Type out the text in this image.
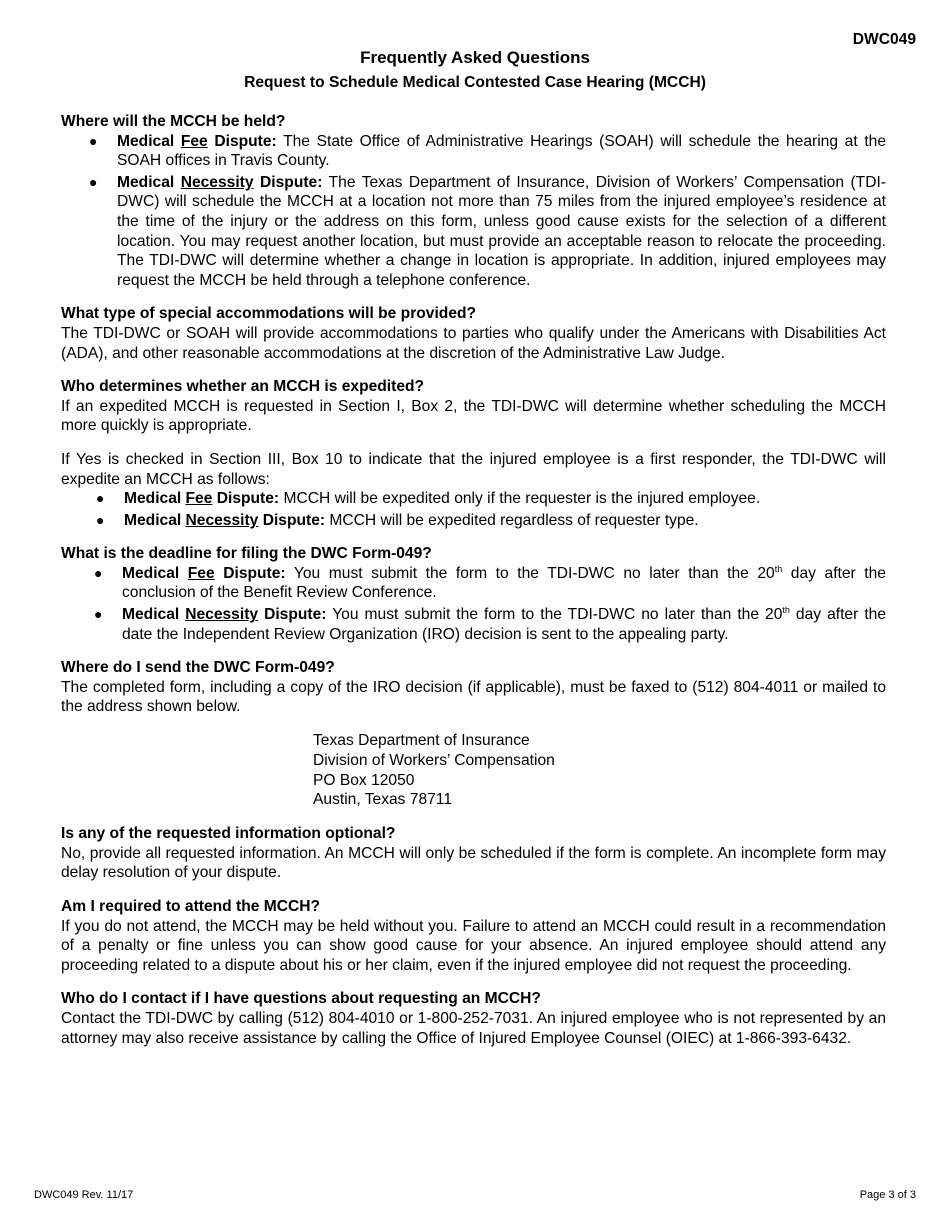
DWC049
Frequently Asked Questions
Request to Schedule Medical Contested Case Hearing (MCCH)
Where will the MCCH be held?
● Medical Fee Dispute: The State Office of Administrative Hearings (SOAH) will schedule the hearing at the SOAH offices in Travis County.
● Medical Necessity Dispute: The Texas Department of Insurance, Division of Workers’ Compensation (TDI-DWC) will schedule the MCCH at a location not more than 75 miles from the injured employee’s residence at the time of the injury or the address on this form, unless good cause exists for the selection of a different location. You may request another location, but must provide an acceptable reason to relocate the proceeding. The TDI-DWC will determine whether a change in location is appropriate. In addition, injured employees may request the MCCH be held through a telephone conference.
What type of special accommodations will be provided?

The TDI-DWC or SOAH will provide accommodations to parties who qualify under the Americans with Disabilities Act (ADA), and other reasonable accommodations at the discretion of the Administrative Law Judge.

Who determines whether an MCCH is expedited?

If an expedited MCCH is requested in Section I, Box 2, the TDI-DWC will determine whether scheduling the MCCH more quickly is appropriate.

If Yes is checked in Section III, Box 10 to indicate that the injured employee is a first responder, the TDI-DWC will expedite an MCCH as follows:

● Medical Fee Dispute: MCCH will be expedited only if the requester is the injured employee.
● Medical Necessity Dispute: MCCH will be expedited regardless of requester type.
What is the deadline for filing the DWC Form-049?
● Medical Fee Dispute: You must submit the form to the TDI-DWC no later than the 20th day after the conclusion of the Benefit Review Conference.
● Medical Necessity Dispute: You must submit the form to the TDI-DWC no later than the 20th day after the date the Independent Review Organization (IRO) decision is sent to the appealing party.
Where do I send the DWC Form-049?

The completed form, including a copy of the IRO decision (if applicable), must be faxed to (512) 804-4011 or mailed to the address shown below.

Texas Department of Insurance
Division of Workers’ Compensation
PO Box 12050
Austin, Texas 78711
Is any of the requested information optional?

No, provide all requested information. An MCCH will only be scheduled if the form is complete. An incomplete form may delay resolution of your dispute.

Am I required to attend the MCCH?

If you do not attend, the MCCH may be held without you. Failure to attend an MCCH could result in a recommendation of a penalty or fine unless you can show good cause for your absence. An injured employee should attend any proceeding related to a dispute about his or her claim, even if the injured employee did not request the proceeding.

Who do I contact if I have questions about requesting an MCCH?

Contact the TDI-DWC by calling (512) 804-4010 or 1-800-252-7031. An injured employee who is not represented by an attorney may also receive assistance by calling the Office of Injured Employee Counsel (OIEC) at 1-866-393-6432.

DWC049 Rev. 11/17	Page 3 of 3
